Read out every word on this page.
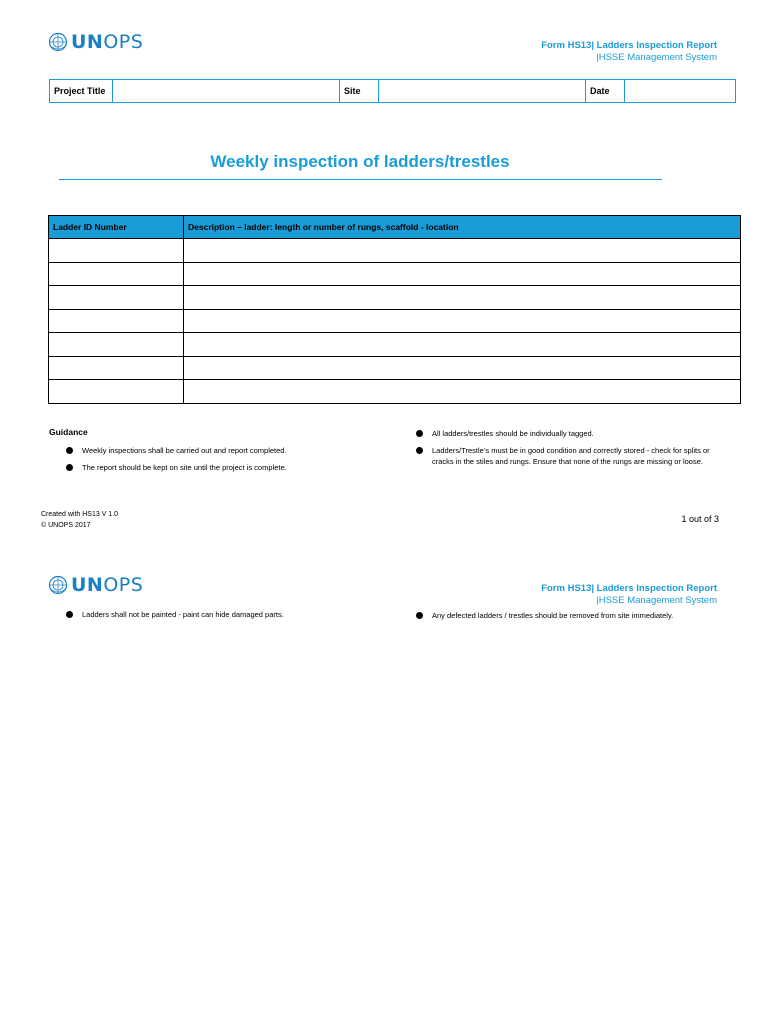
UNOPS	Form HS13| Ladders Inspection Report
|HSSE Management System
Project Title		Site		Date	
Weekly inspection of ladders/trestles
Ladder ID Number	Description – ladder: length or number of rungs, scaffold - location

Guidance
Weekly inspections shall be carried out and report completed.
The report should be kept on site until the project is complete.
All ladders/trestles should be individually tagged.
Ladders/Trestle’s must be in good condition and correctly stored - check for splits or cracks in the stiles and rungs. Ensure that none of the rungs are missing or loose.
Created with HS13 V 1.0
© UNOPS 2017
1 out of 3
UNOPS	Form HS13| Ladders Inspection Report
|HSSE Management System
Ladders shall not be painted - paint can hide damaged parts.	Any defected ladders / trestles should be removed from site immediately.
